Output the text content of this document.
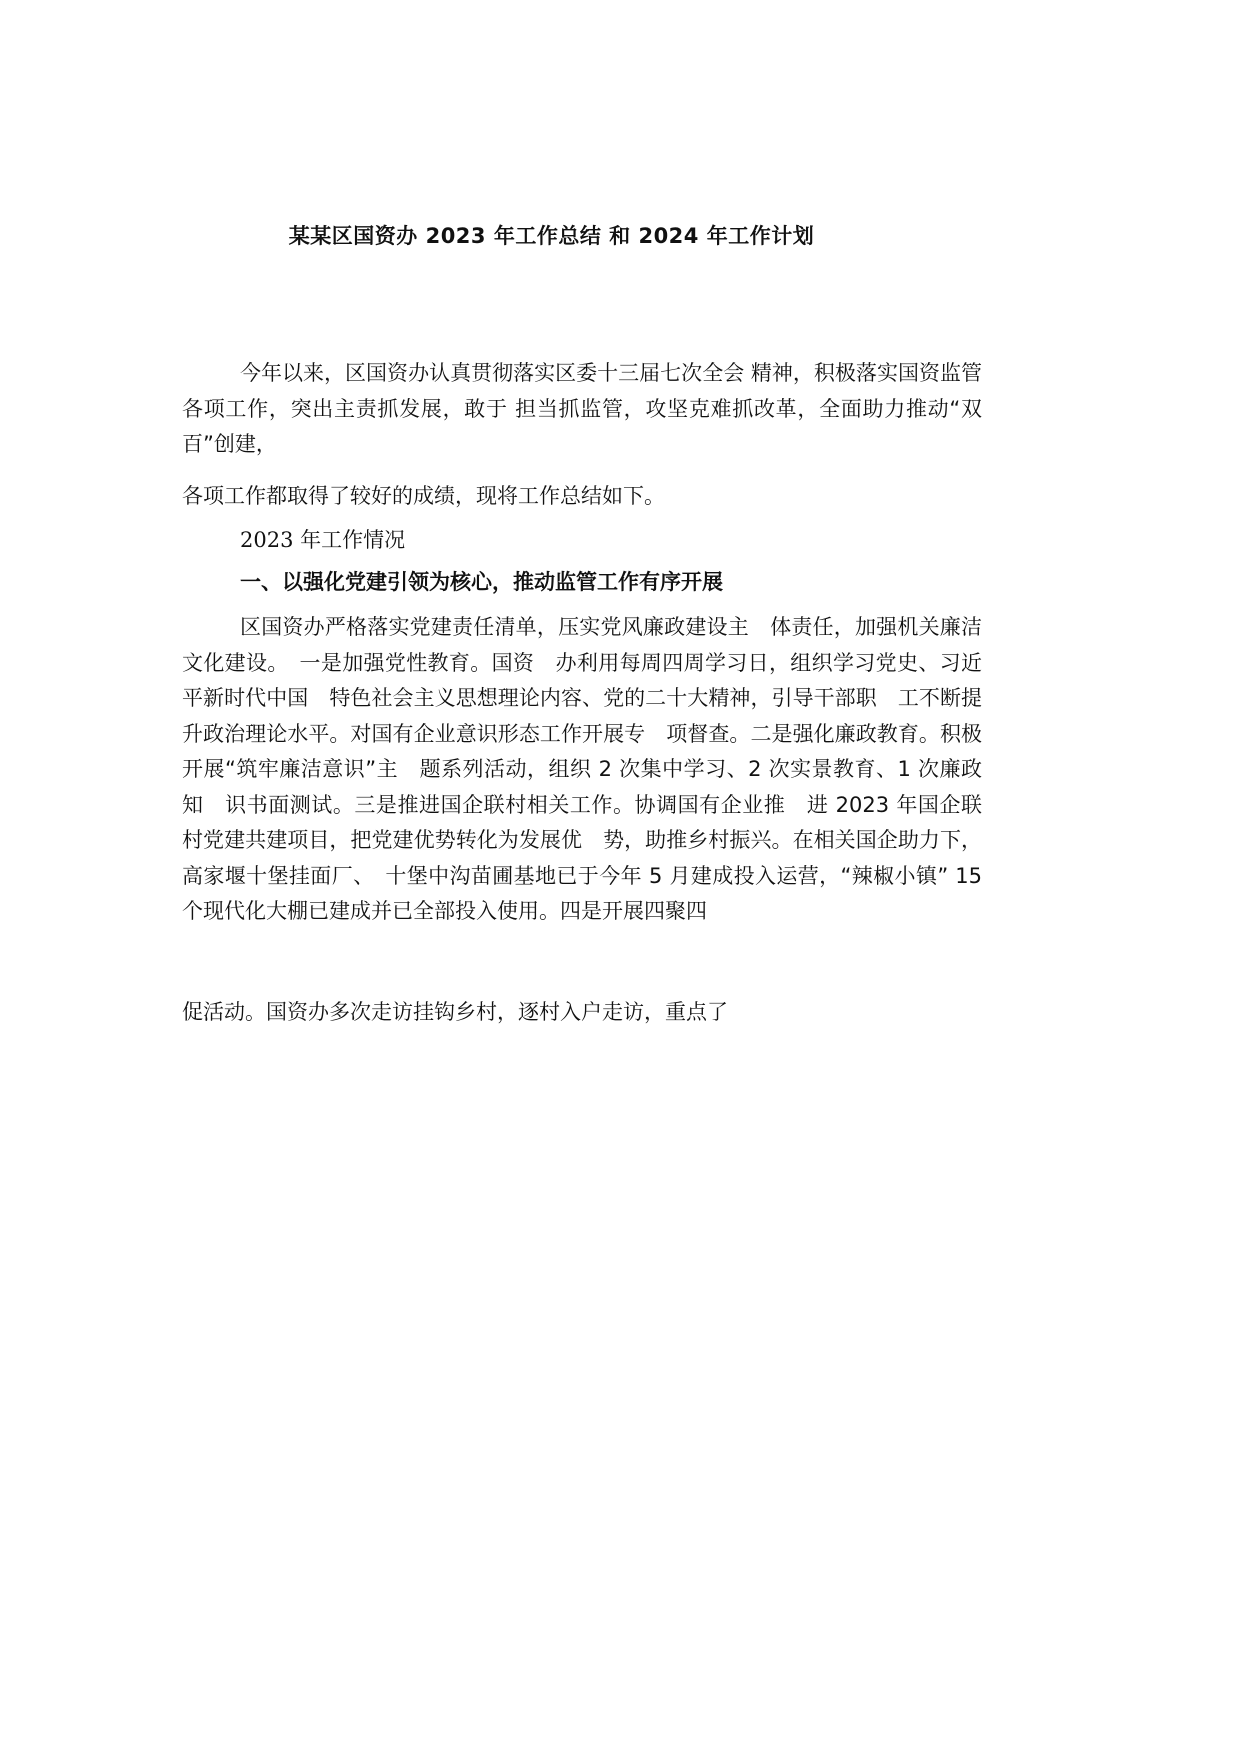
某某区国资办 2023 年工作总结 和 2024 年工作计划
今年以来，区国资办认真贯彻落实区委十三届七次全会 精神，积极落实国资监管各项工作，突出主责抓发展，敢于 担当抓监管，攻坚克难抓改革，全面助力推动“双百”创建，
各项工作都取得了较好的成绩，现将工作总结如下。
2023 年工作情况
一、以强化党建引领为核心，推动监管工作有序开展
区国资办严格落实党建责任清单，压实党风廉政建设主　体责任，加强机关廉洁文化建设。　一是加强党性教育。国资　办利用每周四周学习日，组织学习党史、习近平新时代中国　特色社会主义思想理论内容、党的二十大精神，引导干部职　工不断提升政治理论水平。对国有企业意识形态工作开展专　项督查。二是强化廉政教育。积极开展“筑牢廉洁意识”主　题系列活动，组织 2 次集中学习、2 次实景教育、1 次廉政知　识书面测试。三是推进国企联村相关工作。协调国有企业推　进 2023 年国企联村党建共建项目，把党建优势转化为发展优　势，助推乡村振兴。在相关国企助力下，高家堰十堡挂面厂、　十堡中沟苗圃基地已于今年 5 月建成投入运营，“辣椒小镇” 15 个现代化大棚已建成并已全部投入使用。四是开展四聚四
促活动。国资办多次走访挂钩乡村，逐村入户走访，重点了
